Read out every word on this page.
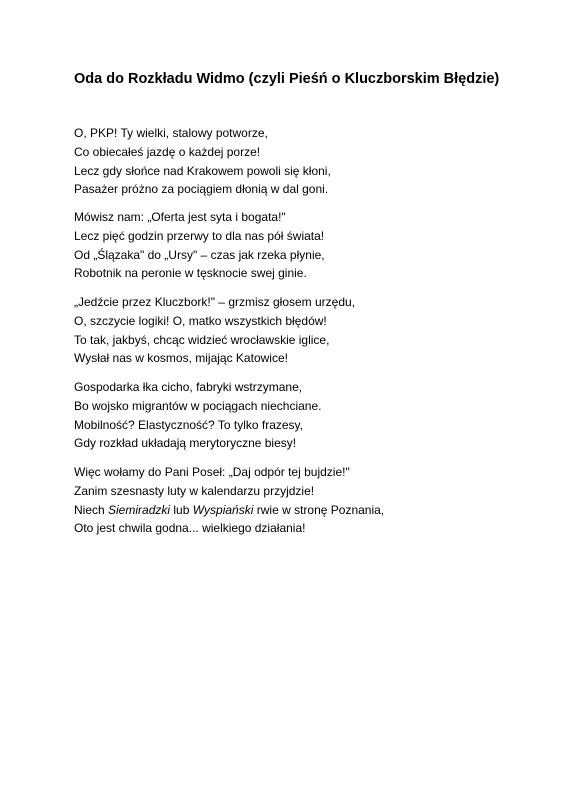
Oda do Rozkładu Widmo (czyli Pieśń o Kluczborskim Błędzie)
O, PKP! Ty wielki, stalowy potworze,
Co obiecałeś jazdę o każdej porze!
Lecz gdy słońce nad Krakowem powoli się kłoni,
Pasażer próżno za pociągiem dłonią w dal goni.
Mówisz nam: „Oferta jest syta i bogata!"
Lecz pięć godzin przerwy to dla nas pół świata!
Od „Ślązaka" do „Ursy" – czas jak rzeka płynie,
Robotnik na peronie w tęsknocie swej ginie.
„Jedźcie przez Kluczbork!" – grzmisz głosem urzędu,
O, szczycie logiki! O, matko wszystkich błędów!
To tak, jakbyś, chcąc widzieć wrocławskie iglice,
Wysłał nas w kosmos, mijając Katowice!
Gospodarka łka cicho, fabryki wstrzymane,
Bo wojsko migrantów w pociągach niechciane.
Mobilność? Elastyczność? To tylko frazesy,
Gdy rozkład układają merytoryczne biesy!
Więc wołamy do Pani Poseł: „Daj odpór tej bujdzie!"
Zanim szesnasty luty w kalendarzu przyjdzie!
Niech Siemiradzki lub Wyspiański rwie w stronę Poznania,
Oto jest chwila godna... wielkiego działania!
